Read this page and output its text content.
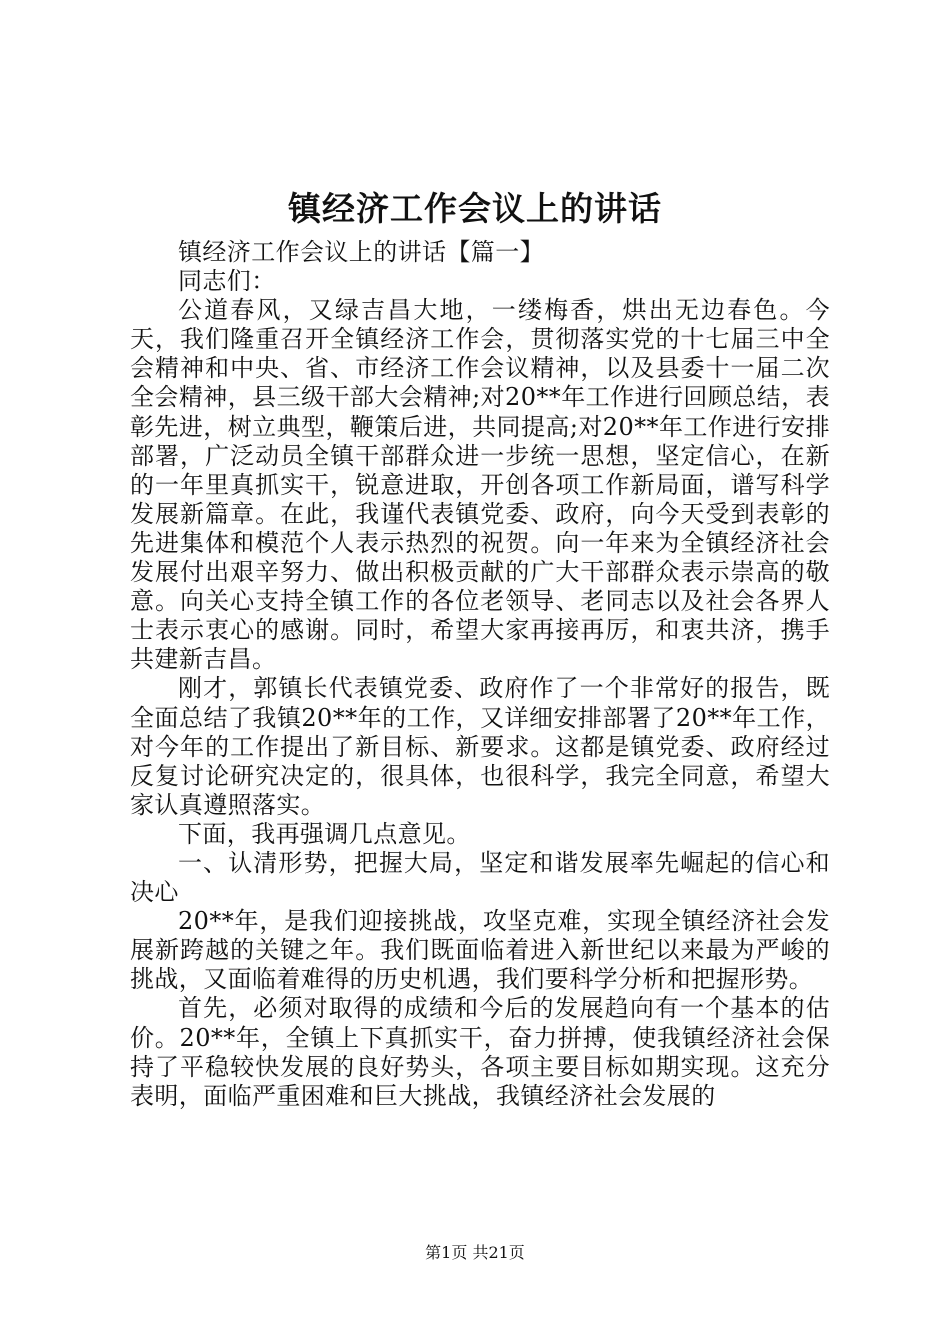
镇经济工作会议上的讲话

镇经济工作会议上的讲话【篇一】

同志们：

公道春风，又绿吉昌大地，一缕梅香，烘出无边春色。今天，我们隆重召开全镇经济工作会，贯彻落实党的十七届三中全会精神和中央、省、市经济工作会议精神，以及县委十一届二次全会精神，县三级干部大会精神;对20**年工作进行回顾总结，表彰先进，树立典型，鞭策后进，共同提高;对20**年工作进行安排部署，广泛动员全镇干部群众进一步统一思想，坚定信心，在新的一年里真抓实干，锐意进取，开创各项工作新局面，谱写科学发展新篇章。在此，我谨代表镇党委、政府，向今天受到表彰的先进集体和模范个人表示热烈的祝贺。向一年来为全镇经济社会发展付出艰辛努力、做出积极贡献的广大干部群众表示崇高的敬意。向关心支持全镇工作的各位老领导、老同志以及社会各界人士表示衷心的感谢。同时，希望大家再接再厉，和衷共济，携手共建新吉昌。

刚才，郭镇长代表镇党委、政府作了一个非常好的报告，既全面总结了我镇20**年的工作，又详细安排部署了20**年工作，对今年的工作提出了新目标、新要求。这都是镇党委、政府经过反复讨论研究决定的，很具体，也很科学，我完全同意，希望大家认真遵照落实。

下面，我再强调几点意见。

一、认清形势，把握大局，坚定和谐发展率先崛起的信心和决心

20**年，是我们迎接挑战，攻坚克难，实现全镇经济社会发展新跨越的关键之年。我们既面临着进入新世纪以来最为严峻的挑战，又面临着难得的历史机遇，我们要科学分析和把握形势。

首先，必须对取得的成绩和今后的发展趋向有一个基本的估价。20**年，全镇上下真抓实干，奋力拼搏，使我镇经济社会保持了平稳较快发展的良好势头，各项主要目标如期实现。这充分表明，面临严重困难和巨大挑战，我镇经济社会发展的

第1页 共21页
